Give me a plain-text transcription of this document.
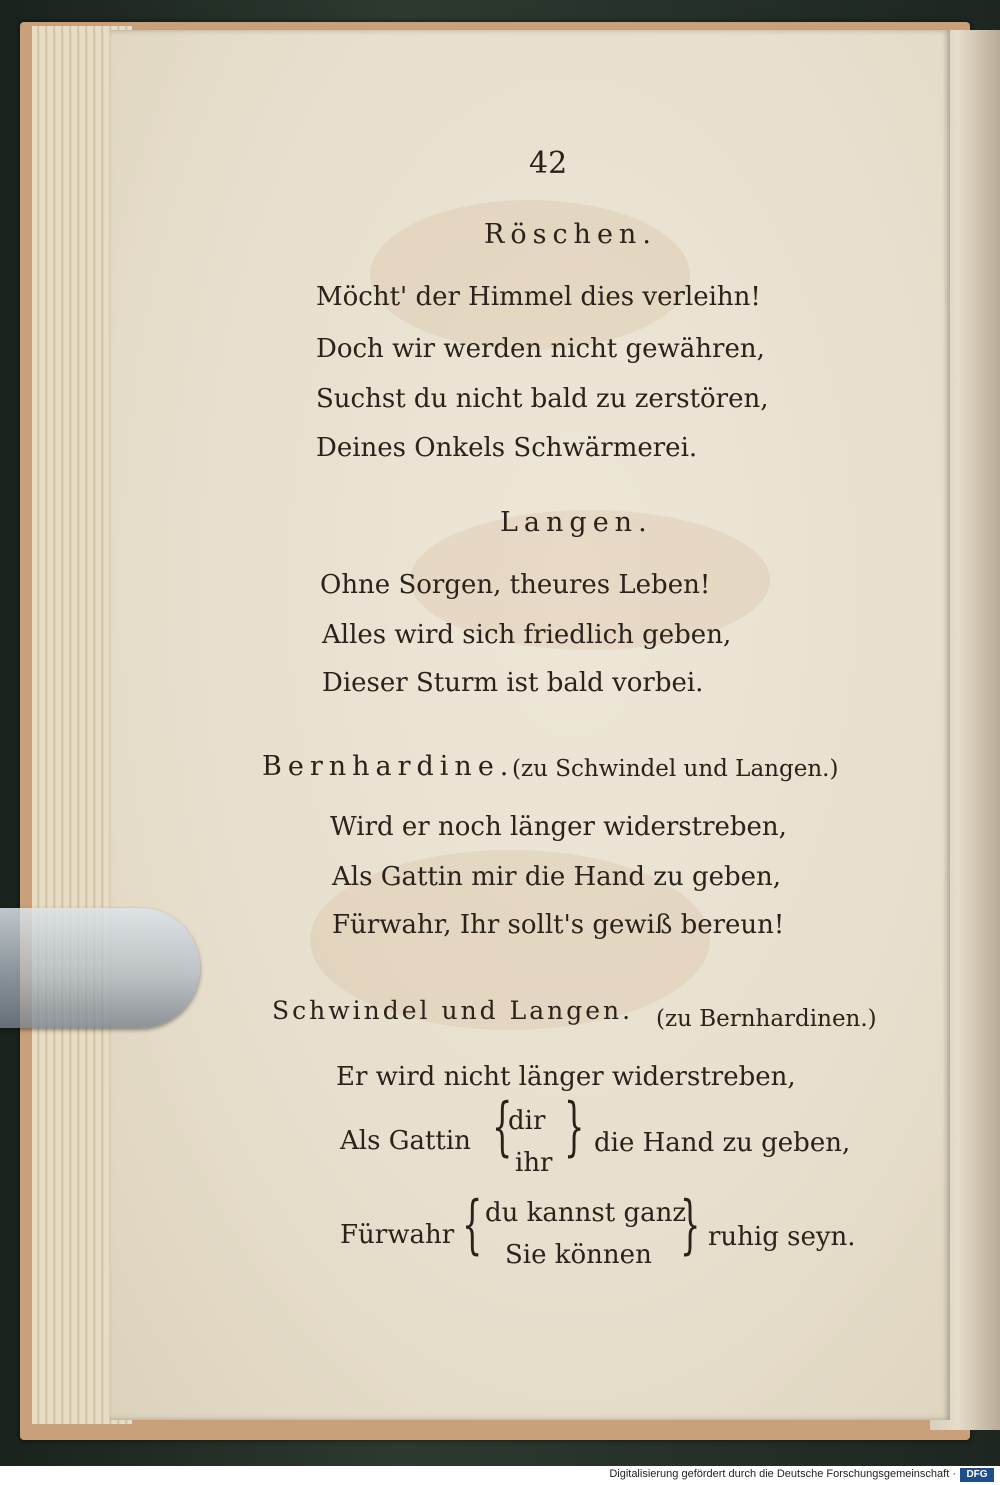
42
Röschen.
Möcht' der Himmel dies verleihn!
Doch wir werden nicht gewähren,
Suchst du nicht bald zu zerstören,
Deines Onkels Schwärmerei.
Langen.
Ohne Sorgen, theures Leben!
Alles wird sich friedlich geben,
Dieser Sturm ist bald vorbei.
Bernhardine.
(zu Schwindel und Langen.)
Wird er noch länger widerstreben,
Als Gattin mir die Hand zu geben,
Fürwahr, Ihr sollt's gewiß bereun!
Schwindel und Langen. (zu Bernhardinen.)
Er wird nicht länger widerstreben,
Als Gattin {
dir
ihr } die Hand zu geben,
Fürwahr { du kannst ganz
Sie können } ruhig seyn.
Digitalisierung gefördert durch die Deutsche Forschungsgemeinschaft ·	DFG
